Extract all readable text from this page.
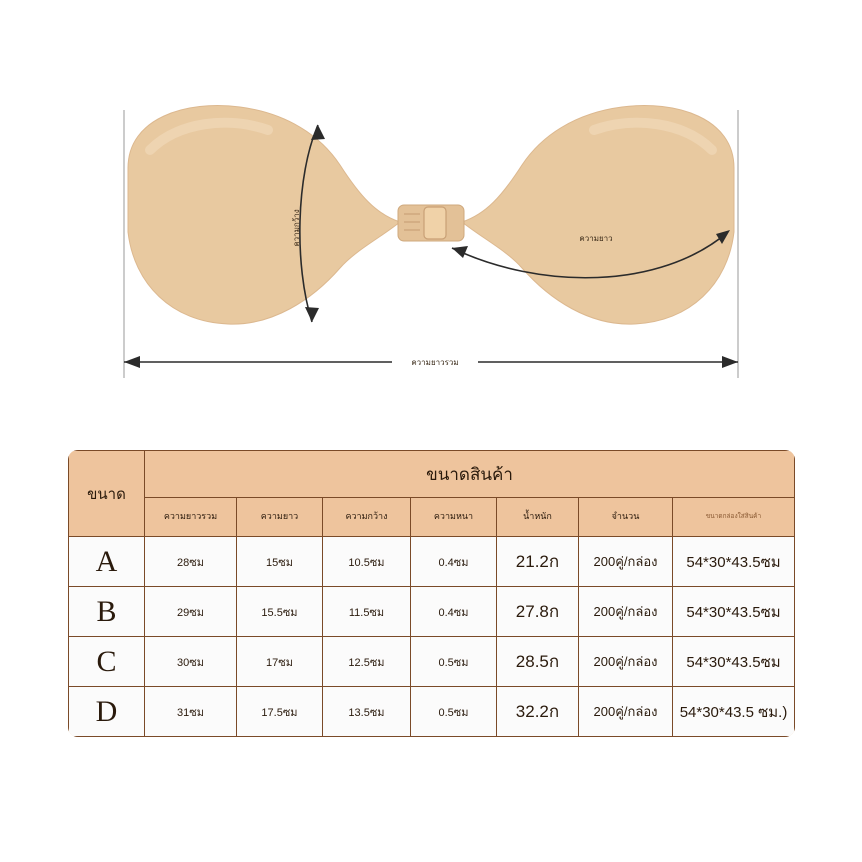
ความกว้าง	ความยาว
ความยาวรวม
ขนาด	ขนาดสินค้า						
	ความยาวรวม	ความยาว	ความกว้าง	ความหนา	น้ำหนัก	จำนวน	ขนาดกล่องใส่สินค้า
A	28ซม	15ซม	10.5ซม	0.4ซม	21.2ก	200คู่/กล่อง	54*30*43.5ซม
B	29ซม	15.5ซม	11.5ซม	0.4ซม	27.8ก	200คู่/กล่อง	54*30*43.5ซม
C	30ซม	17ซม	12.5ซม	0.5ซม	28.5ก	200คู่/กล่อง	54*30*43.5ซม
D	31ซม	17.5ซม	13.5ซม	0.5ซม	32.2ก	200คู่/กล่อง	54*30*43.5 ซม.)
